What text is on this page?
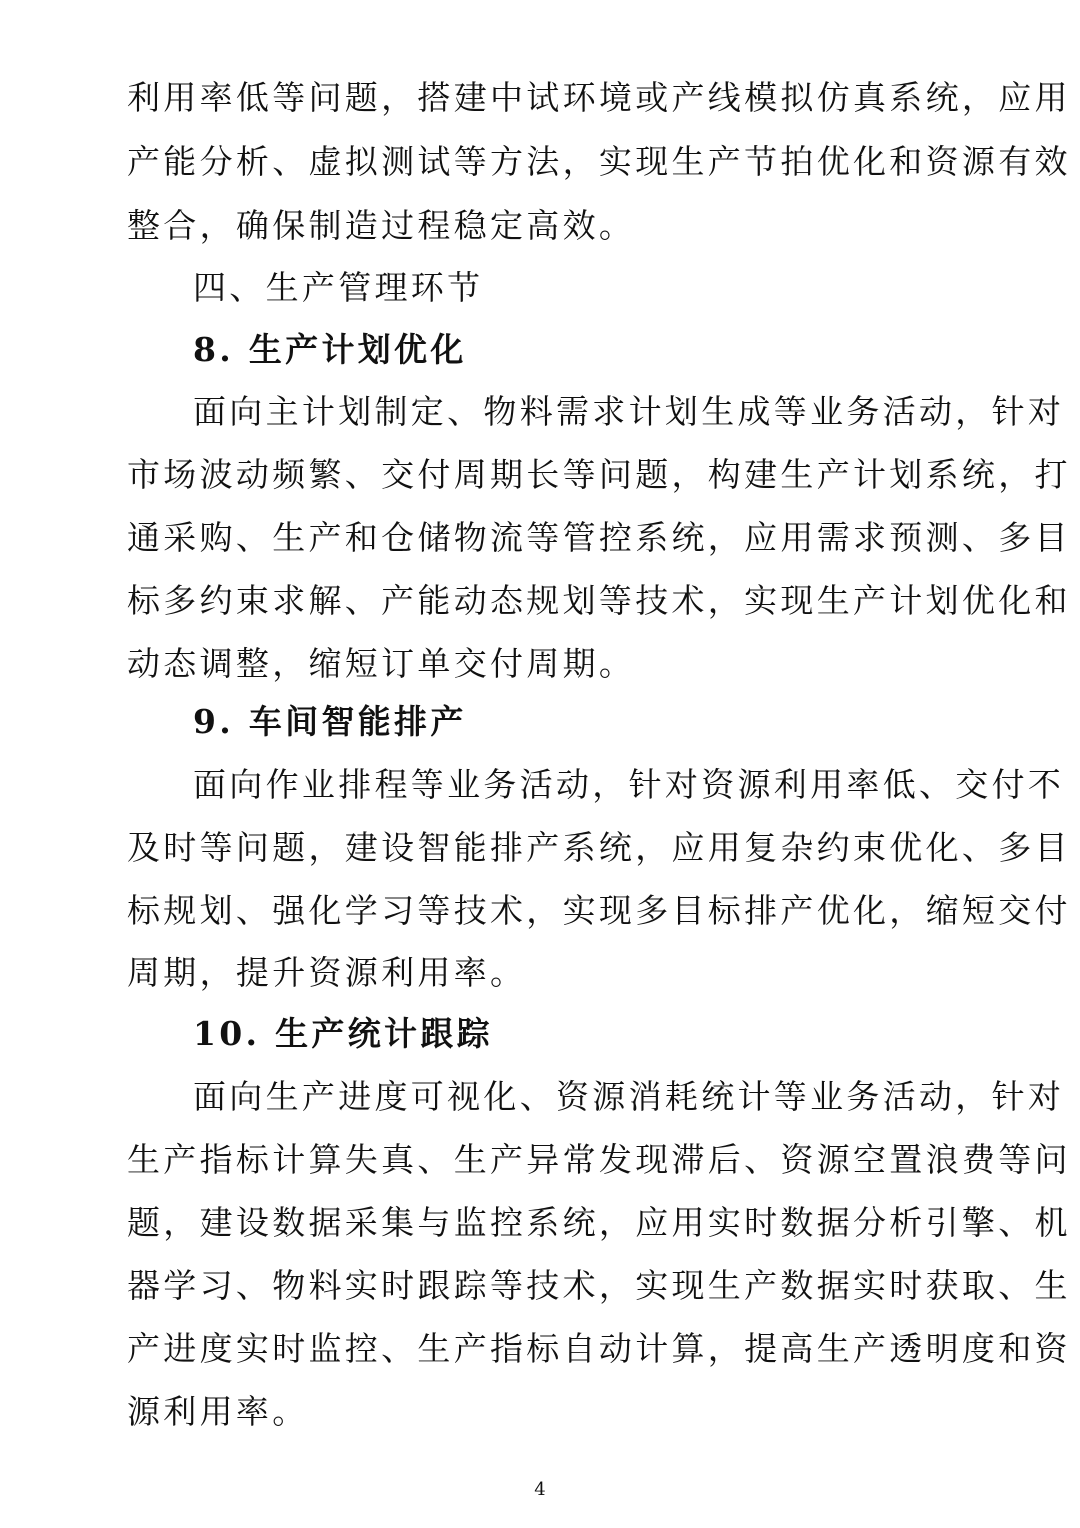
利用率低等问题，搭建中试环境或产线模拟仿真系统，应用
产能分析、虚拟测试等方法，实现生产节拍优化和资源有效
整合，确保制造过程稳定高效。
四、生产管理环节
8. 生产计划优化
面向主计划制定、物料需求计划生成等业务活动，针对
市场波动频繁、交付周期长等问题，构建生产计划系统，打
通采购、生产和仓储物流等管控系统，应用需求预测、多目
标多约束求解、产能动态规划等技术，实现生产计划优化和
动态调整，缩短订单交付周期。
9. 车间智能排产
面向作业排程等业务活动，针对资源利用率低、交付不
及时等问题，建设智能排产系统，应用复杂约束优化、多目
标规划、强化学习等技术，实现多目标排产优化，缩短交付
周期，提升资源利用率。
10. 生产统计跟踪
面向生产进度可视化、资源消耗统计等业务活动，针对
生产指标计算失真、生产异常发现滞后、资源空置浪费等问
题，建设数据采集与监控系统，应用实时数据分析引擎、机
器学习、物料实时跟踪等技术，实现生产数据实时获取、生
产进度实时监控、生产指标自动计算，提高生产透明度和资
源利用率。
4
